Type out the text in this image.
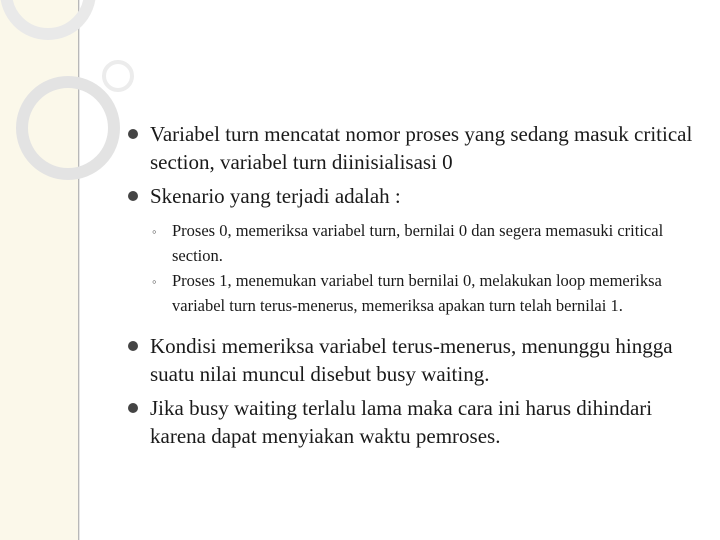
Variabel turn mencatat nomor proses yang sedang masuk critical section, variabel turn diinisialisasi 0
Skenario yang terjadi adalah :
◦ Proses 0, memeriksa variabel turn, bernilai 0 dan segera memasuki critical section.
◦ Proses 1, menemukan variabel turn bernilai 0, melakukan loop memeriksa variabel turn terus-menerus, memeriksa apakan turn telah bernilai 1.
Kondisi memeriksa variabel terus-menerus, menunggu hingga suatu nilai muncul disebut busy waiting.
Jika busy waiting terlalu lama maka cara ini harus dihindari karena dapat menyiakan waktu pemroses.
